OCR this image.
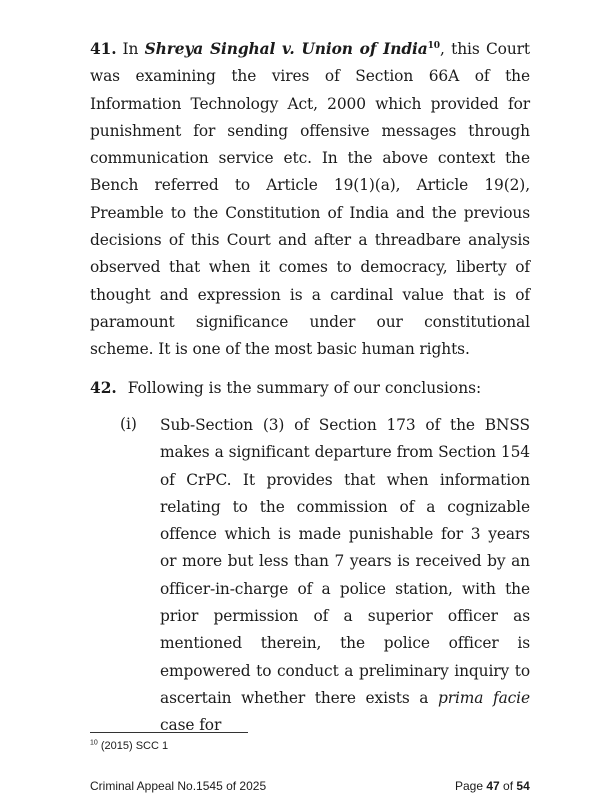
41. In Shreya Singhal v. Union of India$^{10}$, this Court was examining the vires of Section 66A of the Information Technology Act, 2000 which provided for punishment for sending offensive messages through communication service etc. In the above context the Bench referred to Article 19(1)(a), Article 19(2), Preamble to the Constitution of India and the previous decisions of this Court and after a threadbare analysis observed that when it comes to democracy, liberty of thought and expression is a cardinal value that is of paramount significance under our constitutional scheme. It is one of the most basic human rights.

42. Following is the summary of our conclusions:

(i) Sub-Section (3) of Section 173 of the BNSS makes a significant departure from Section 154 of CrPC. It provides that when information relating to the commission of a cognizable offence which is made punishable for 3 years or more but less than 7 years is received by an officer-in-charge of a police station, with the prior permission of a superior officer as mentioned therein, the police officer is empowered to conduct a preliminary inquiry to ascertain whether there exists a prima facie case for

$^{10}$ (2015) SCC 1
Criminal Appeal No.1545 of 2025	Page 47 of 54
